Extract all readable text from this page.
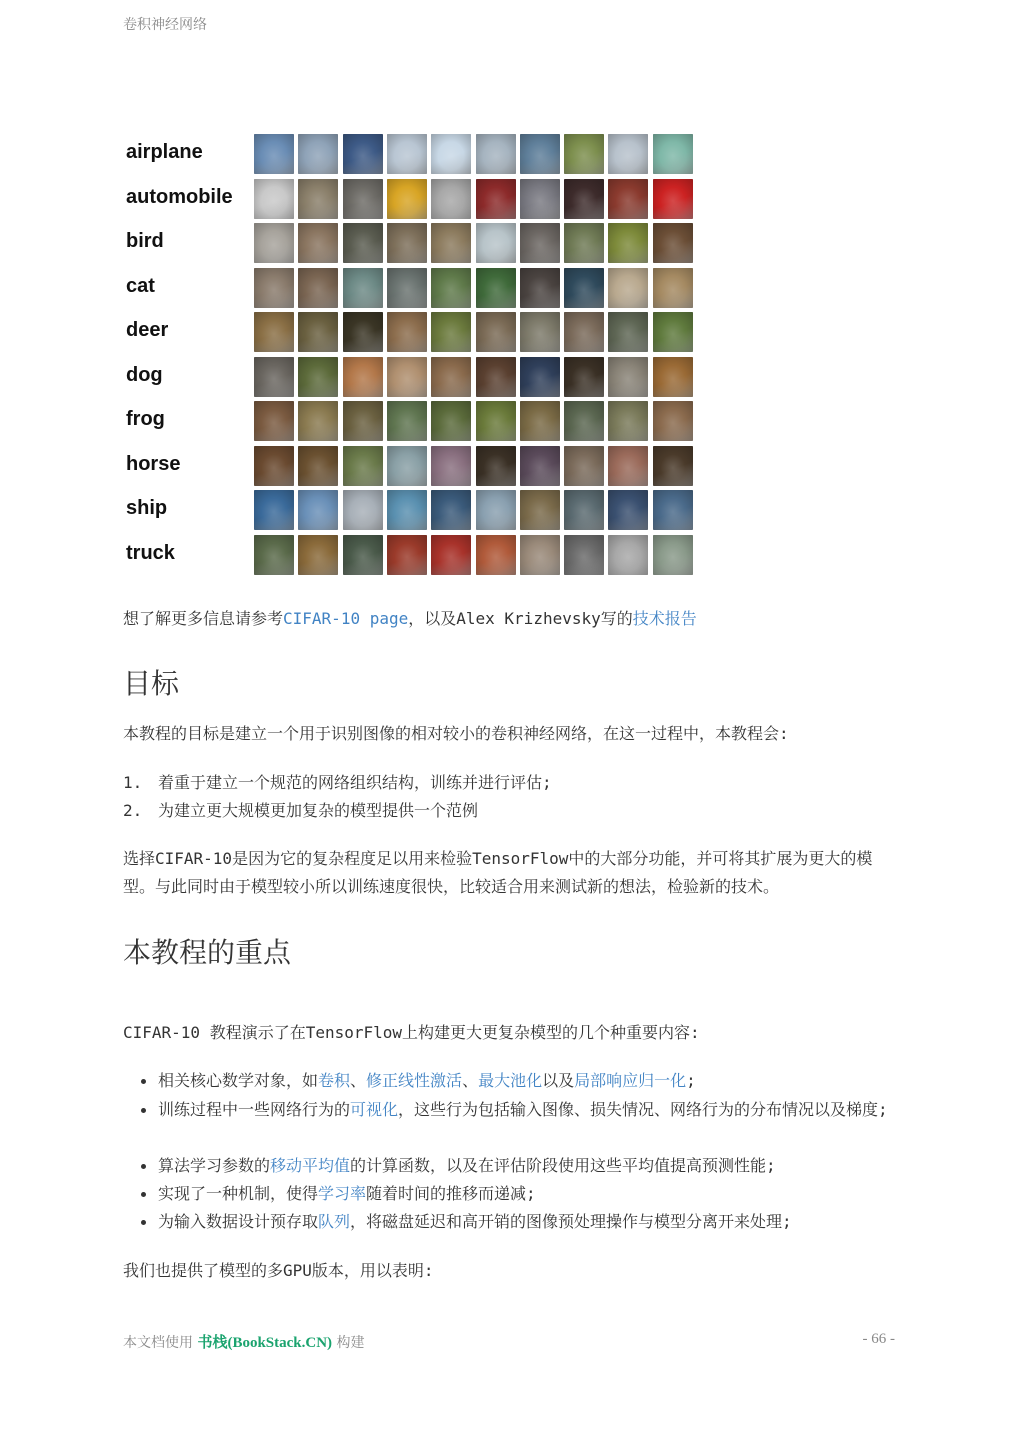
卷积神经网络
airplane
automobile
bird
cat
deer
dog
frog
horse
ship
truck
想了解更多信息请参考CIFAR-10 page，以及Alex Krizhevsky写的技术报告
目标
本教程的目标是建立一个用于识别图像的相对较小的卷积神经网络，在这一过程中，本教程会:
1. 着重于建立一个规范的网络组织结构，训练并进行评估;
2. 为建立更大规模更加复杂的模型提供一个范例
选择CIFAR-10是因为它的复杂程度足以用来检验TensorFlow中的大部分功能，并可将其扩展为更大的模型。与此同时由于模型较小所以训练速度很快，比较适合用来测试新的想法，检验新的技术。
本教程的重点
CIFAR-10 教程演示了在TensorFlow上构建更大更复杂模型的几个种重要内容:
相关核心数学对象，如卷积、修正线性激活、最大池化以及局部响应归一化;
训练过程中一些网络行为的可视化，这些行为包括输入图像、损失情况、网络行为的分布情况以及梯度;
算法学习参数的移动平均值的计算函数，以及在评估阶段使用这些平均值提高预测性能;
实现了一种机制，使得学习率随着时间的推移而递减;
为输入数据设计预存取队列，将磁盘延迟和高开销的图像预处理操作与模型分离开来处理;
我们也提供了模型的多GPU版本，用以表明:
本文档使用 书栈(BookStack.CN) 构建	- 66 -
